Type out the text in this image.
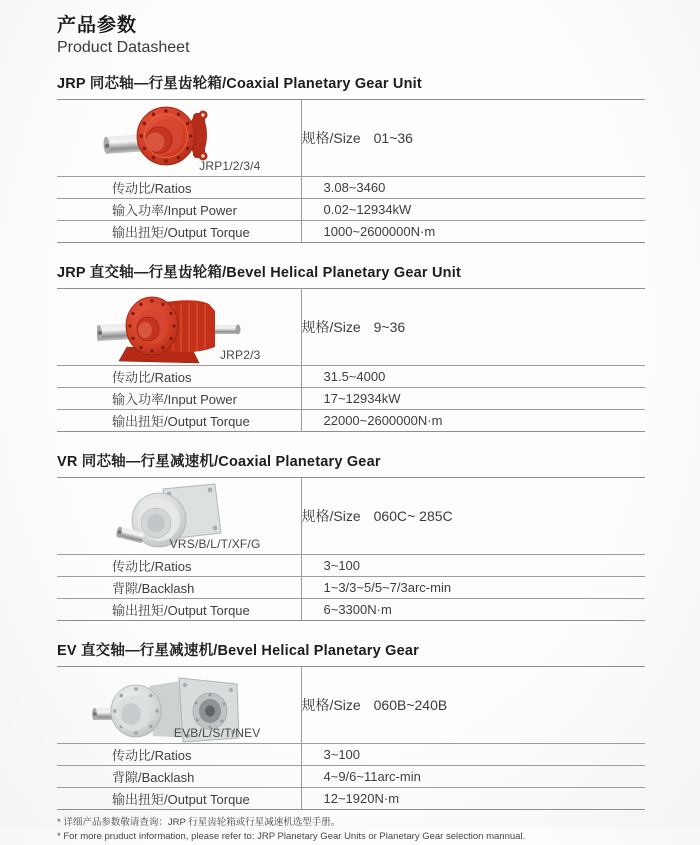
产品参数
Product Datasheet
JRP 同芯轴—行星齿轮箱/Coaxial Planetary Gear Unit
JRP1/2/3/4	规格/Size 01~36
传动比/Ratios	3.08~3460
输入功率/Input Power	0.02~12934kW
输出扭矩/Output Torque	1000~2600000N·m
JRP 直交轴—行星齿轮箱/Bevel Helical Planetary Gear Unit
JRP2/3	规格/Size 9~36
传动比/Ratios	31.5~4000
输入功率/Input Power	17~12934kW
输出扭矩/Output Torque	22000~2600000N·m
VR 同芯轴—行星减速机/Coaxial Planetary Gear
VRS/B/L/T/XF/G	规格/Size 060C~ 285C
传动比/Ratios	3~100
背隙/Backlash	1~3/3~5/5~7/3arc-min
输出扭矩/Output Torque	6~3300N·m
EV 直交轴—行星减速机/Bevel Helical Planetary Gear
EVB/L/S/T/NEV	规格/Size 060B~240B
传动比/Ratios	3~100
背隙/Backlash	4~9/6~11arc-min
输出扭矩/Output Torque	12~1920N·m
* 详细产品参数敬请查询：JRP 行星齿轮箱或行星减速机选型手册。
* For more pruduct information, please refer to: JRP Planetary Gear Units or Planetary Gear selection mannual.
